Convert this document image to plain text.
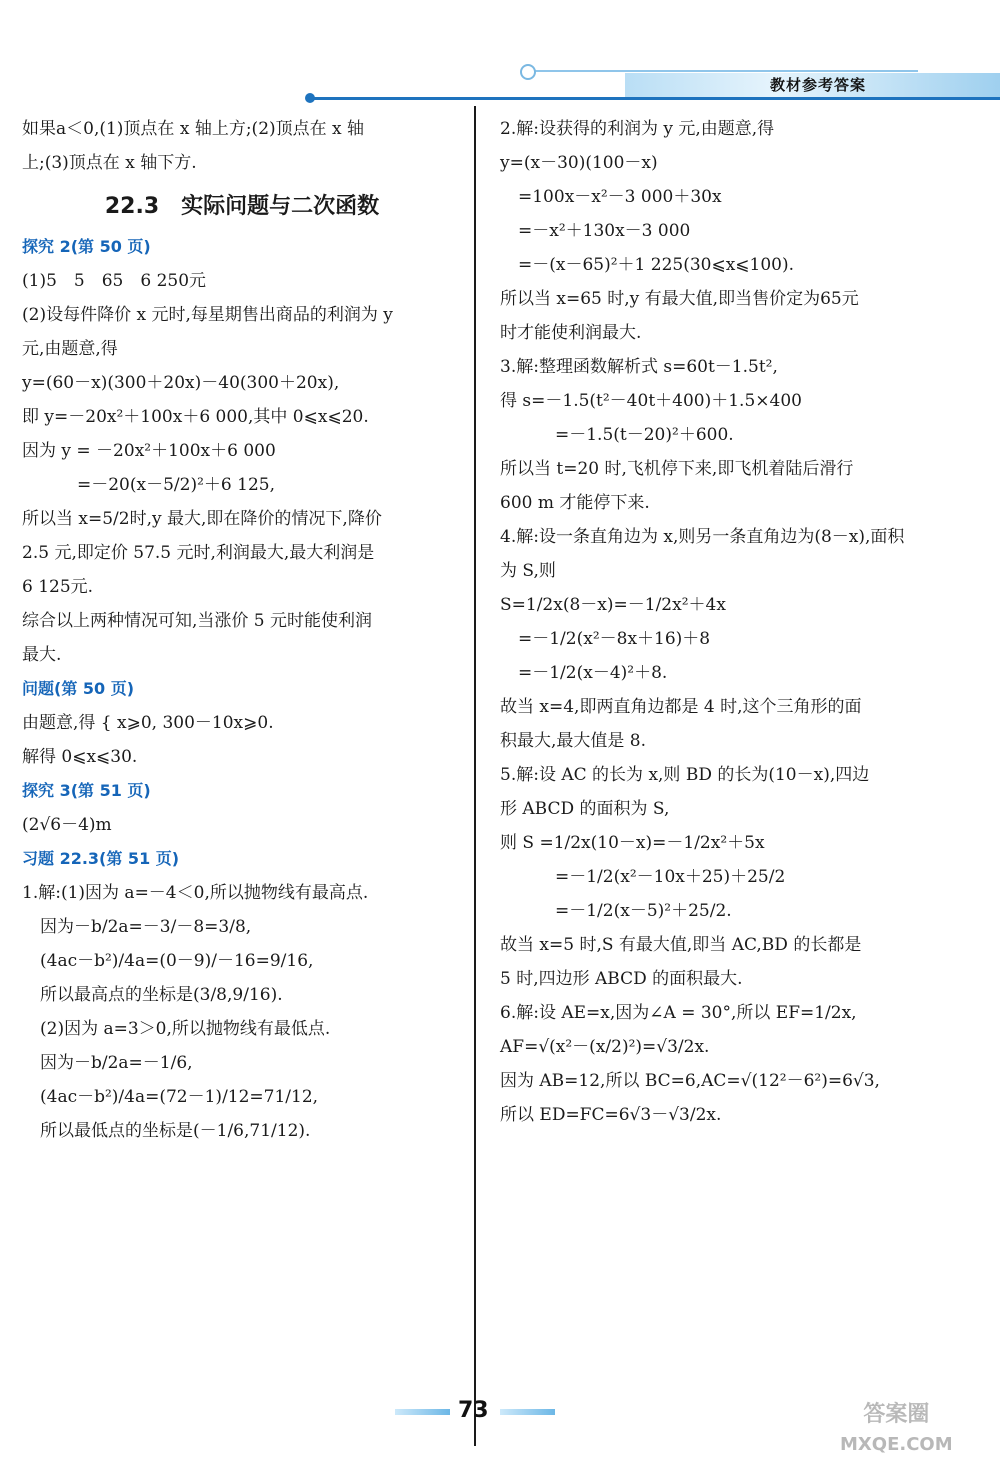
教材参考答案
如果a＜0,(1)顶点在 x 轴上方;(2)顶点在 x 轴
上;(3)顶点在 x 轴下方.
22.3　实际问题与二次函数
探究 2(第 50 页)
(1)5　5　65　6 250元
(2)设每件降价 x 元时,每星期售出商品的利润为 y
元,由题意,得
y=(60－x)(300＋20x)－40(300＋20x),
即 y=－20x²＋100x＋6 000,其中 0⩽x⩽20.
因为 y = －20x²＋100x＋6 000
=－20(x－5/2)²＋6 125,
所以当 x=5/2时,y 最大,即在降价的情况下,降价
2.5 元,即定价 57.5 元时,利润最大,最大利润是
6 125元.
综合以上两种情况可知,当涨价 5 元时能使利润
最大.
问题(第 50 页)
由题意,得 { x⩾0, 300－10x⩾0.
解得 0⩽x⩽30.
探究 3(第 51 页)
(2√6－4)m
习题 22.3(第 51 页)
1.解:(1)因为 a=－4＜0,所以抛物线有最高点.
因为－b/2a=－3/－8=3/8,
(4ac－b²)/4a=(0－9)/－16=9/16,
所以最高点的坐标是(3/8,9/16).
(2)因为 a=3＞0,所以抛物线有最低点.
因为－b/2a=－1/6,
(4ac－b²)/4a=(72－1)/12=71/12,
所以最低点的坐标是(－1/6,71/12).
2.解:设获得的利润为 y 元,由题意,得
y=(x－30)(100－x)
=100x－x²－3 000＋30x
=－x²＋130x－3 000
=－(x－65)²＋1 225(30⩽x⩽100).
所以当 x=65 时,y 有最大值,即当售价定为65元
时才能使利润最大.
3.解:整理函数解析式 s=60t－1.5t²,
得 s=－1.5(t²－40t＋400)＋1.5×400
=－1.5(t－20)²＋600.
所以当 t=20 时,飞机停下来,即飞机着陆后滑行
600 m 才能停下来.
4.解:设一条直角边为 x,则另一条直角边为(8－x),面积
为 S,则
S=1/2x(8－x)=－1/2x²＋4x
=－1/2(x²－8x＋16)＋8
=－1/2(x－4)²＋8.
故当 x=4,即两直角边都是 4 时,这个三角形的面
积最大,最大值是 8.
5.解:设 AC 的长为 x,则 BD 的长为(10－x),四边
形 ABCD 的面积为 S,
则 S =1/2x(10－x)=－1/2x²＋5x
=－1/2(x²－10x＋25)＋25/2
=－1/2(x－5)²＋25/2.
故当 x=5 时,S 有最大值,即当 AC,BD 的长都是
5 时,四边形 ABCD 的面积最大.
6.解:设 AE=x,因为∠A = 30°,所以 EF=1/2x,
AF=√(x²－(x/2)²)=√3/2x.
因为 AB=12,所以 BC=6,AC=√(12²－6²)=6√3,
所以 ED=FC=6√3－√3/2x.
73	答案圈
MXQE.COM
